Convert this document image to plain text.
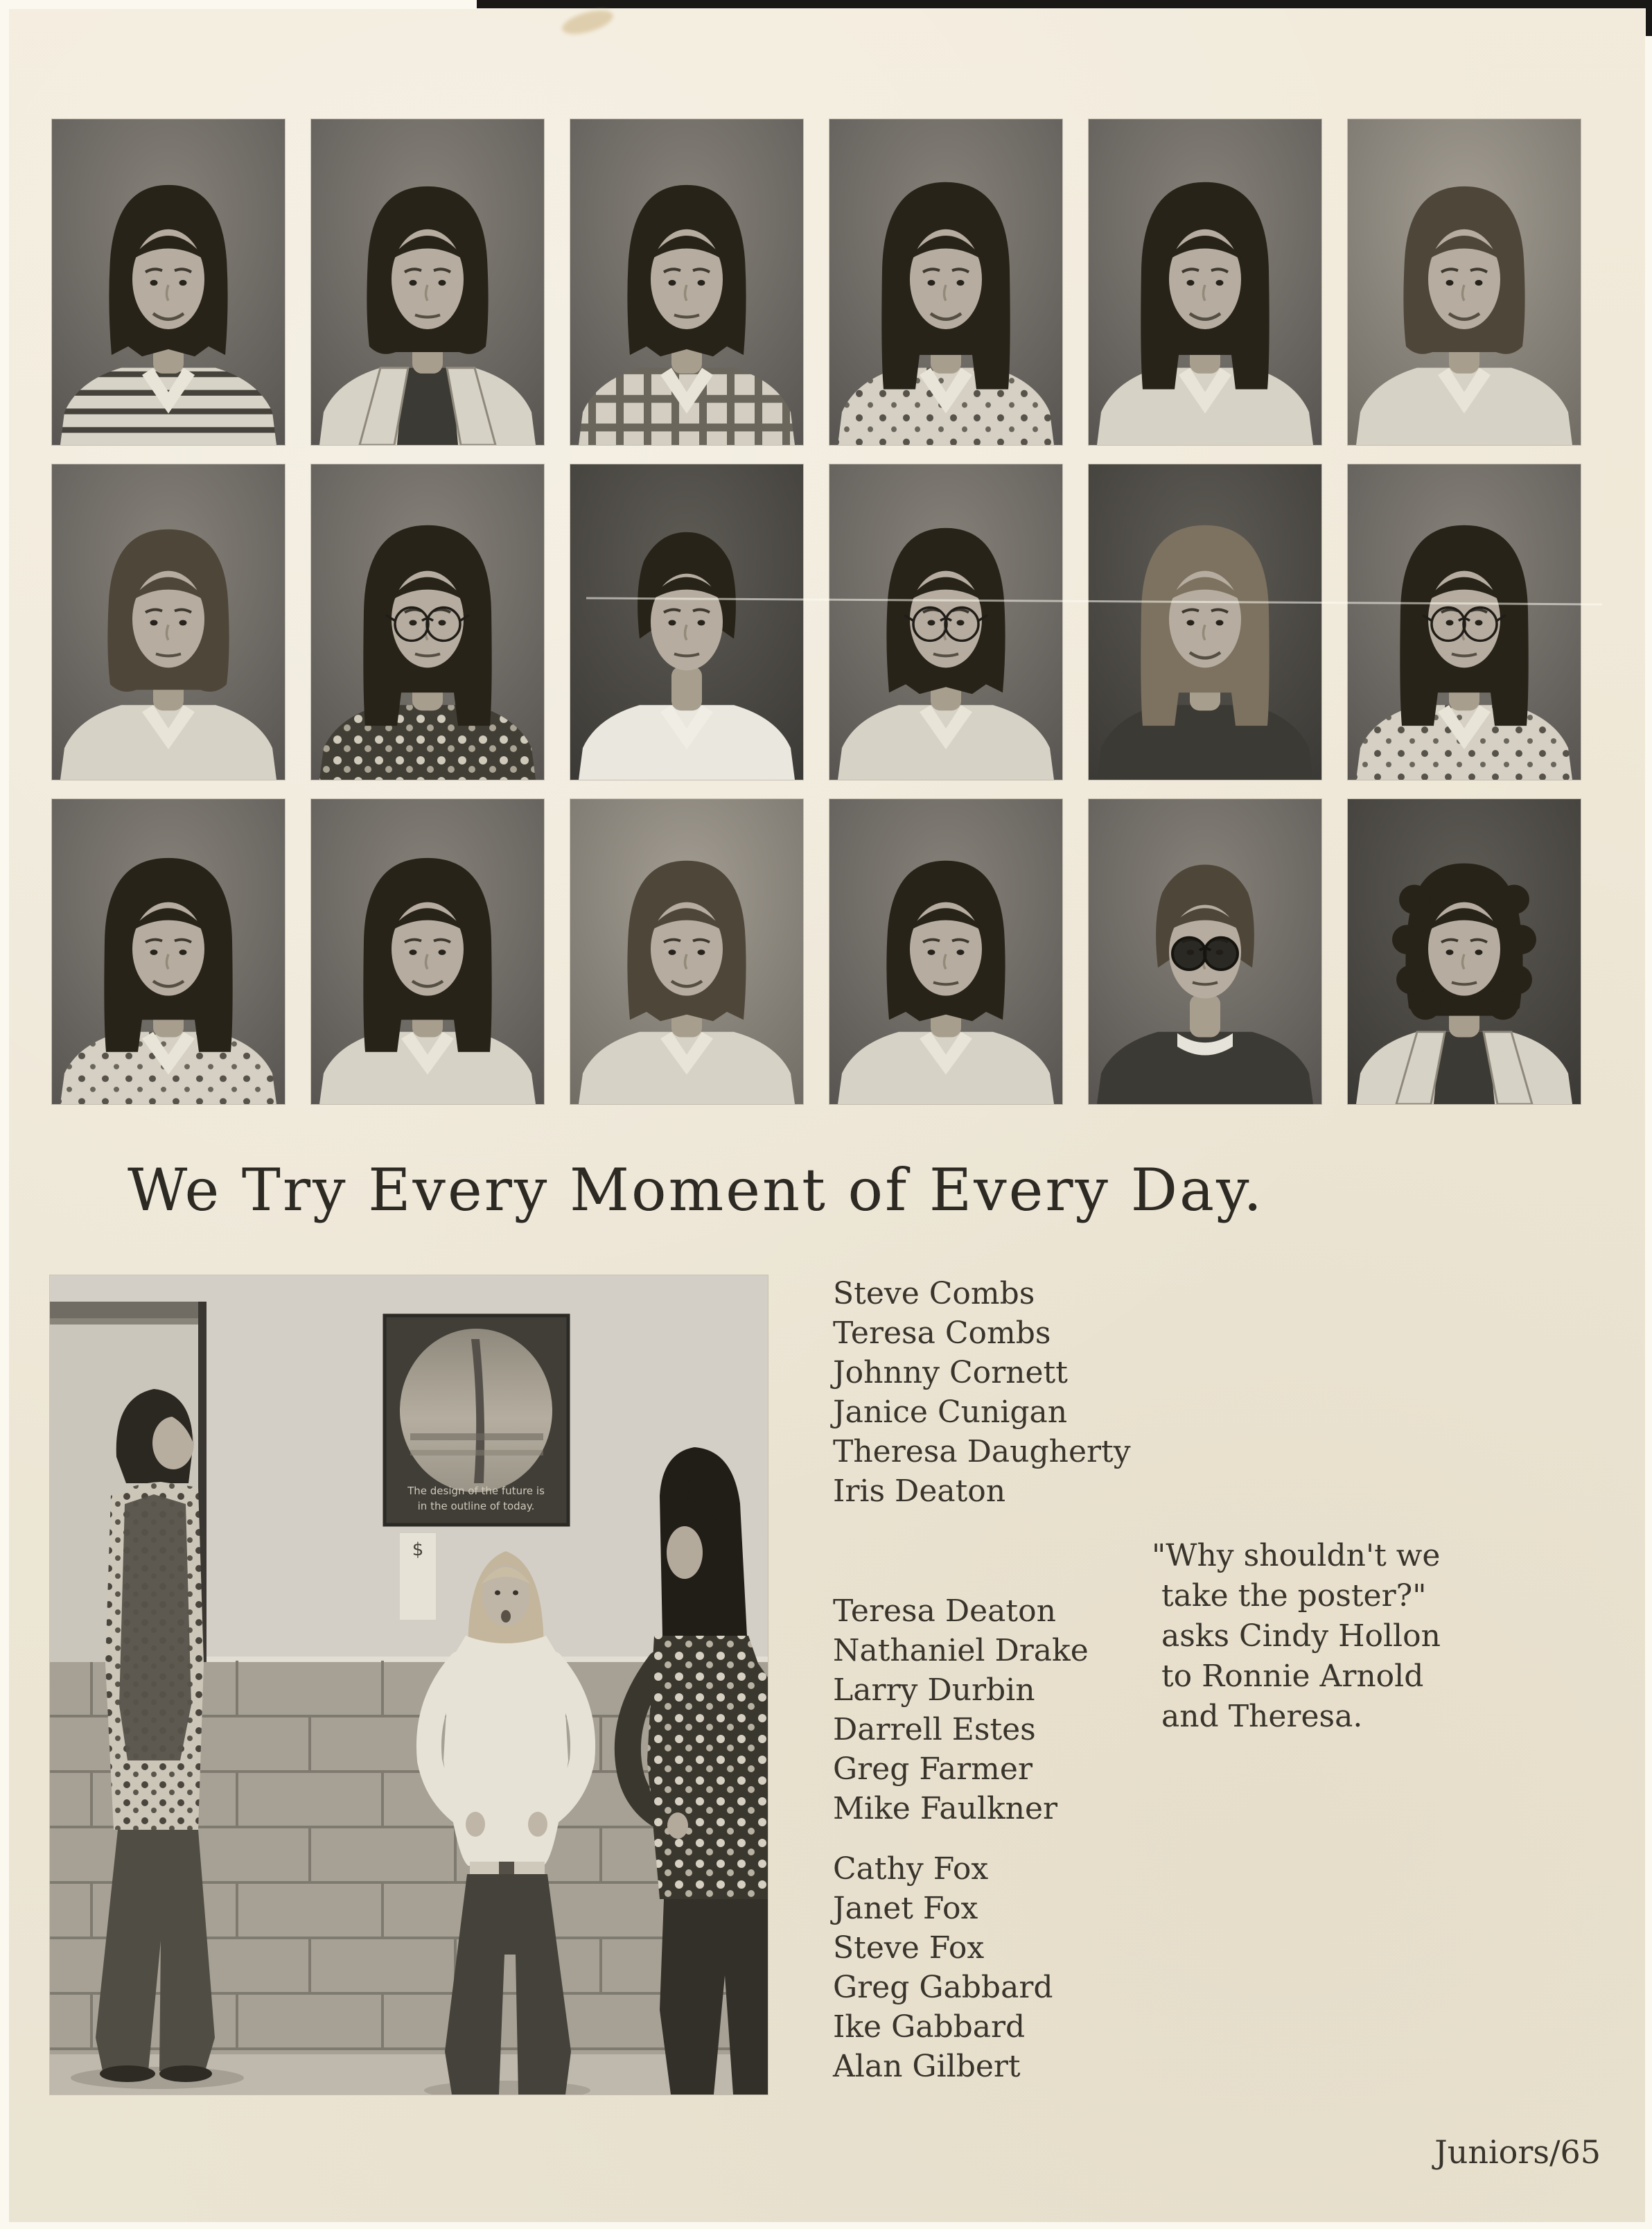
We Try Every Moment of Every Day.
The design of the future is
in the outline of today.
$
Steve Combs
Teresa Combs
Johnny Cornett
Janice Cunigan
Theresa Daugherty
Iris Deaton
Teresa Deaton
Nathaniel Drake
Larry Durbin
Darrell Estes
Greg Farmer
Mike Faulkner
Cathy Fox
Janet Fox
Steve Fox
Greg Gabbard
Ike Gabbard
Alan Gilbert
"Why shouldn't we
take the poster?"
asks Cindy Hollon
to Ronnie Arnold
and Theresa.
Juniors/65
